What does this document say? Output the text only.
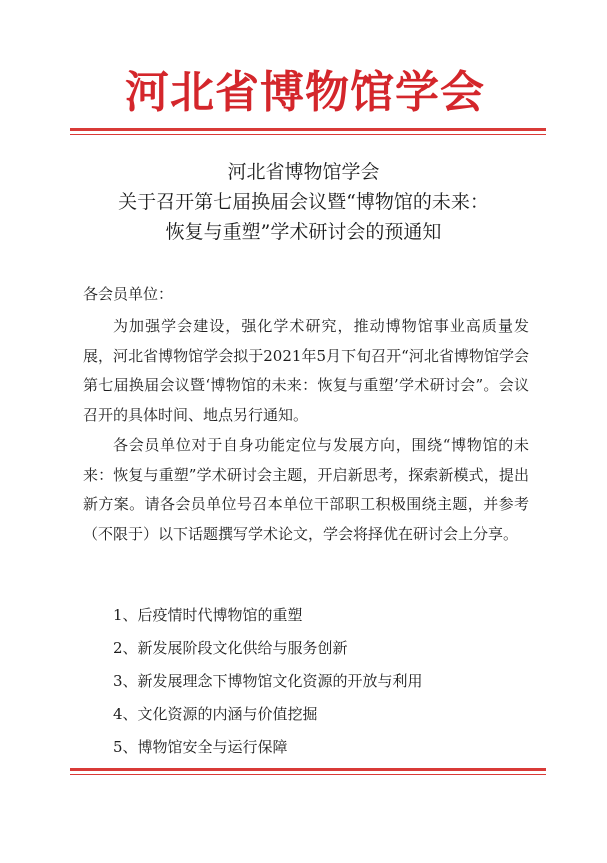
河北省博物馆学会
河北省博物馆学会
关于召开第七届换届会议暨“博物馆的未来：
恢复与重塑”学术研讨会的预通知
各会员单位：
为加强学会建设，强化学术研究，推动博物馆事业高质量发展，河北省博物馆学会拟于2021年5月下旬召开“河北省博物馆学会第七届换届会议暨‘博物馆的未来：恢复与重塑’学术研讨会”。会议召开的具体时间、地点另行通知。
各会员单位对于自身功能定位与发展方向，围绕“博物馆的未来：恢复与重塑”学术研讨会主题，开启新思考，探索新模式，提出新方案。请各会员单位号召本单位干部职工积极围绕主题，并参考（不限于）以下话题撰写学术论文，学会将择优在研讨会上分享。
1、后疫情时代博物馆的重塑
2、新发展阶段文化供给与服务创新
3、新发展理念下博物馆文化资源的开放与利用
4、文化资源的内涵与价值挖掘
5、博物馆安全与运行保障
